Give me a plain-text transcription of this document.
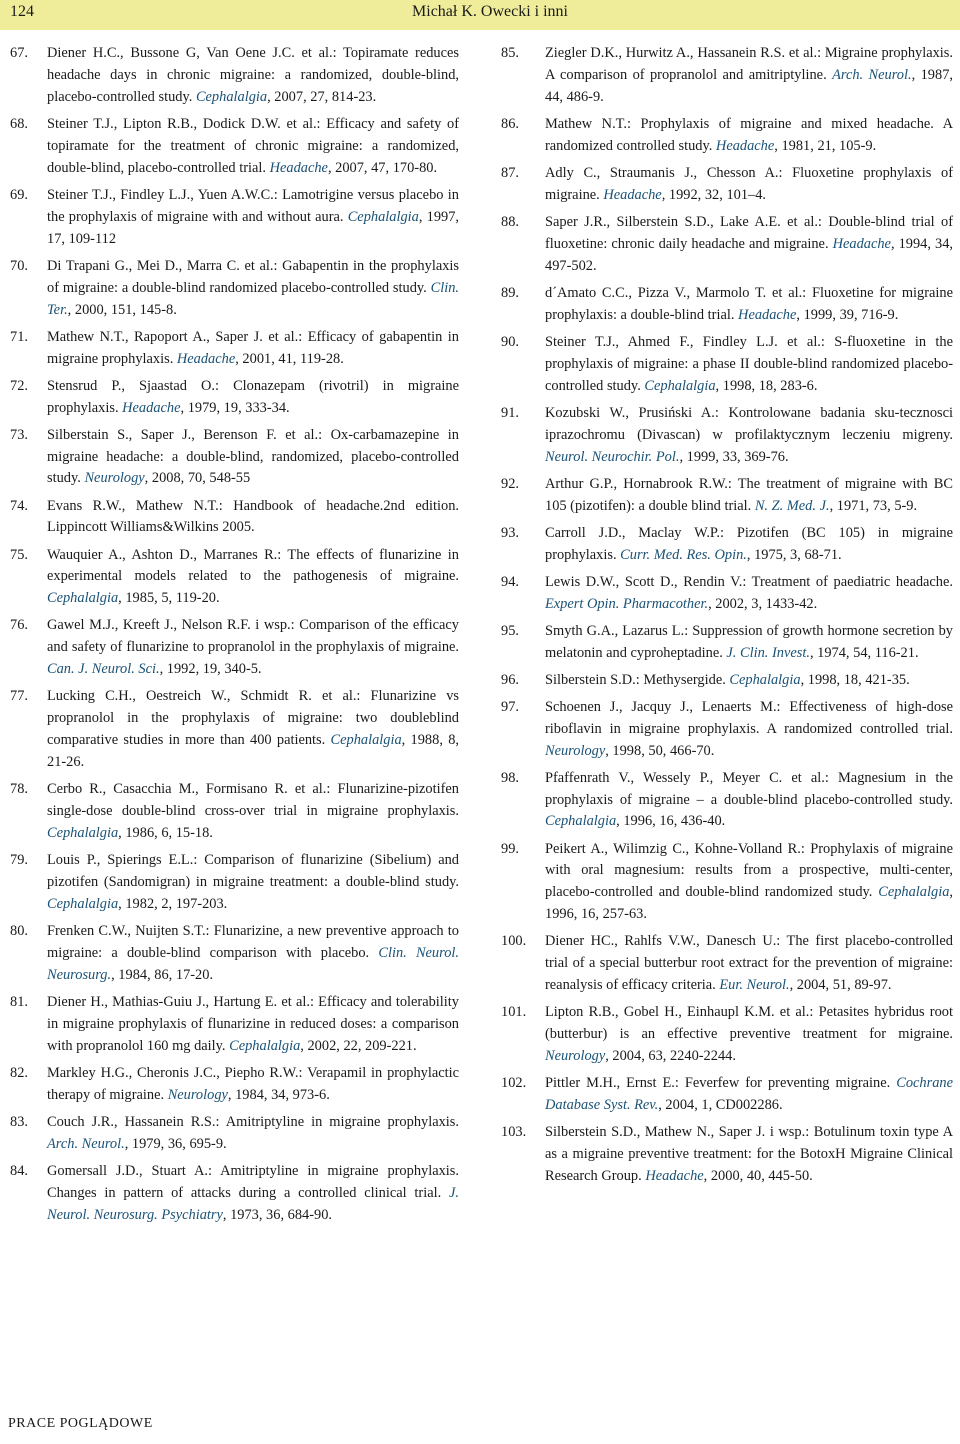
124	Michał K. Owecki i inni
67. Diener H.C., Bussone G, Van Oene J.C. et al.: Topiramate reduces headache days in chronic migraine: a randomized, double-blind, placebo-controlled study. Cephalalgia, 2007, 27, 814-23.
68. Steiner T.J., Lipton R.B., Dodick D.W. et al.: Efficacy and safety of topiramate for the treatment of chronic migraine: a randomized, double-blind, placebo-controlled trial. Headache, 2007, 47, 170-80.
69. Steiner T.J., Findley L.J., Yuen A.W.C.: Lamotrigine versus placebo in the prophylaxis of migraine with and without aura. Cephalalgia, 1997, 17, 109-112
70. Di Trapani G., Mei D., Marra C. et al.: Gabapentin in the prophylaxis of migraine: a double-blind randomized placebo-controlled study. Clin. Ter., 2000, 151, 145-8.
71. Mathew N.T., Rapoport A., Saper J. et al.: Efficacy of gabapentin in migraine prophylaxis. Headache, 2001, 41, 119-28.
72. Stensrud P., Sjaastad O.: Clonazepam (rivotril) in migraine prophylaxis. Headache, 1979, 19, 333-34.
73. Silberstain S., Saper J., Berenson F. et al.: Ox-carbamazepine in migraine headache: a double-blind, randomized, placebo-controlled study. Neurology, 2008, 70, 548-55
74. Evans R.W., Mathew N.T.: Handbook of headache.2nd edition. Lippincott Williams&Wilkins 2005.
75. Wauquier A., Ashton D., Marranes R.: The effects of flunarizine in experimental models related to the pathogenesis of migraine. Cephalalgia, 1985, 5, 119-20.
76. Gawel M.J., Kreeft J., Nelson R.F. i wsp.: Comparison of the efficacy and safety of flunarizine to propranolol in the prophylaxis of migraine. Can. J. Neurol. Sci., 1992, 19, 340-5.
77. Lucking C.H., Oestreich W., Schmidt R. et al.: Flunarizine vs propranolol in the prophylaxis of migraine: two doubleblind comparative studies in more than 400 patients. Cephalalgia, 1988, 8, 21-26.
78. Cerbo R., Casacchia M., Formisano R. et al.: Flunarizine-pizotifen single-dose double-blind cross-over trial in migraine prophylaxis. Cephalalgia, 1986, 6, 15-18.
79. Louis P., Spierings E.L.: Comparison of flunarizine (Sibelium) and pizotifen (Sandomigran) in migraine treatment: a double-blind study. Cephalalgia, 1982, 2, 197-203.
80. Frenken C.W., Nuijten S.T.: Flunarizine, a new preventive approach to migraine: a double-blind comparison with placebo. Clin. Neurol. Neurosurg., 1984, 86, 17-20.
81. Diener H., Mathias-Guiu J., Hartung E. et al.: Efficacy and tolerability in migraine prophylaxis of flunarizine in reduced doses: a comparison with propranolol 160 mg daily. Cephalalgia, 2002, 22, 209-221.
82. Markley H.G., Cheronis J.C., Piepho R.W.: Verapamil in prophylactic therapy of migraine. Neurology, 1984, 34, 973-6.
83. Couch J.R., Hassanein R.S.: Amitriptyline in migraine prophylaxis. Arch. Neurol., 1979, 36, 695-9.
84. Gomersall J.D., Stuart A.: Amitriptyline in migraine prophylaxis. Changes in pattern of attacks during a controlled clinical trial. J. Neurol. Neurosurg. Psychiatry, 1973, 36, 684-90.
85. Ziegler D.K., Hurwitz A., Hassanein R.S. et al.: Migraine prophylaxis. A comparison of propranolol and amitriptyline. Arch. Neurol., 1987, 44, 486-9.
86. Mathew N.T.: Prophylaxis of migraine and mixed headache. A randomized controlled study. Headache, 1981, 21, 105-9.
87. Adly C., Straumanis J., Chesson A.: Fluoxetine prophylaxis of migraine. Headache, 1992, 32, 101–4.
88. Saper J.R., Silberstein S.D., Lake A.E. et al.: Double-blind trial of fluoxetine: chronic daily headache and migraine. Headache, 1994, 34, 497-502.
89. d´Amato C.C., Pizza V., Marmolo T. et al.: Fluoxetine for migraine prophylaxis: a double-blind trial. Headache, 1999, 39, 716-9.
90. Steiner T.J., Ahmed F., Findley L.J. et al.: S-fluoxetine in the prophylaxis of migraine: a phase II double-blind randomized placebo-controlled study. Cephalalgia, 1998, 18, 283-6.
91. Kozubski W., Prusiński A.: Kontrolowane badania sku-tecznosci iprazochromu (Divascan) w profilaktycznym leczeniu migreny. Neurol. Neurochir. Pol., 1999, 33, 369-76.
92. Arthur G.P., Hornabrook R.W.: The treatment of migraine with BC 105 (pizotifen): a double blind trial. N. Z. Med. J., 1971, 73, 5-9.
93. Carroll J.D., Maclay W.P.: Pizotifen (BC 105) in migraine prophylaxis. Curr. Med. Res. Opin., 1975, 3, 68-71.
94. Lewis D.W., Scott D., Rendin V.: Treatment of paediatric headache. Expert Opin. Pharmacother., 2002, 3, 1433-42.
95. Smyth G.A., Lazarus L.: Suppression of growth hormone secretion by melatonin and cyproheptadine. J. Clin. Invest., 1974, 54, 116-21.
96. Silberstein S.D.: Methysergide. Cephalalgia, 1998, 18, 421-35.
97. Schoenen J., Jacquy J., Lenaerts M.: Effectiveness of high-dose riboflavin in migraine prophylaxis. A randomized controlled trial. Neurology, 1998, 50, 466-70.
98. Pfaffenrath V., Wessely P., Meyer C. et al.: Magnesium in the prophylaxis of migraine – a double-blind placebo-controlled study. Cephalalgia, 1996, 16, 436-40.
99. Peikert A., Wilimzig C., Kohne-Volland R.: Prophylaxis of migraine with oral magnesium: results from a prospective, multi-center, placebo-controlled and double-blind randomized study. Cephalalgia, 1996, 16, 257-63.
100. Diener HC., Rahlfs V.W., Danesch U.: The first placebo-controlled trial of a special butterbur root extract for the prevention of migraine: reanalysis of efficacy criteria. Eur. Neurol., 2004, 51, 89-97.
101. Lipton R.B., Gobel H., Einhaupl K.M. et al.: Petasites hybridus root (butterbur) is an effective preventive treatment for migraine. Neurology, 2004, 63, 2240-2244.
102. Pittler M.H., Ernst E.: Feverfew for preventing migraine. Cochrane Database Syst. Rev., 2004, 1, CD002286.
103. Silberstein S.D., Mathew N., Saper J. i wsp.: Botulinum toxin type A as a migraine preventive treatment: for the BotoxH Migraine Clinical Research Group. Headache, 2000, 40, 445-50.
PRACE POGLĄDOWE
